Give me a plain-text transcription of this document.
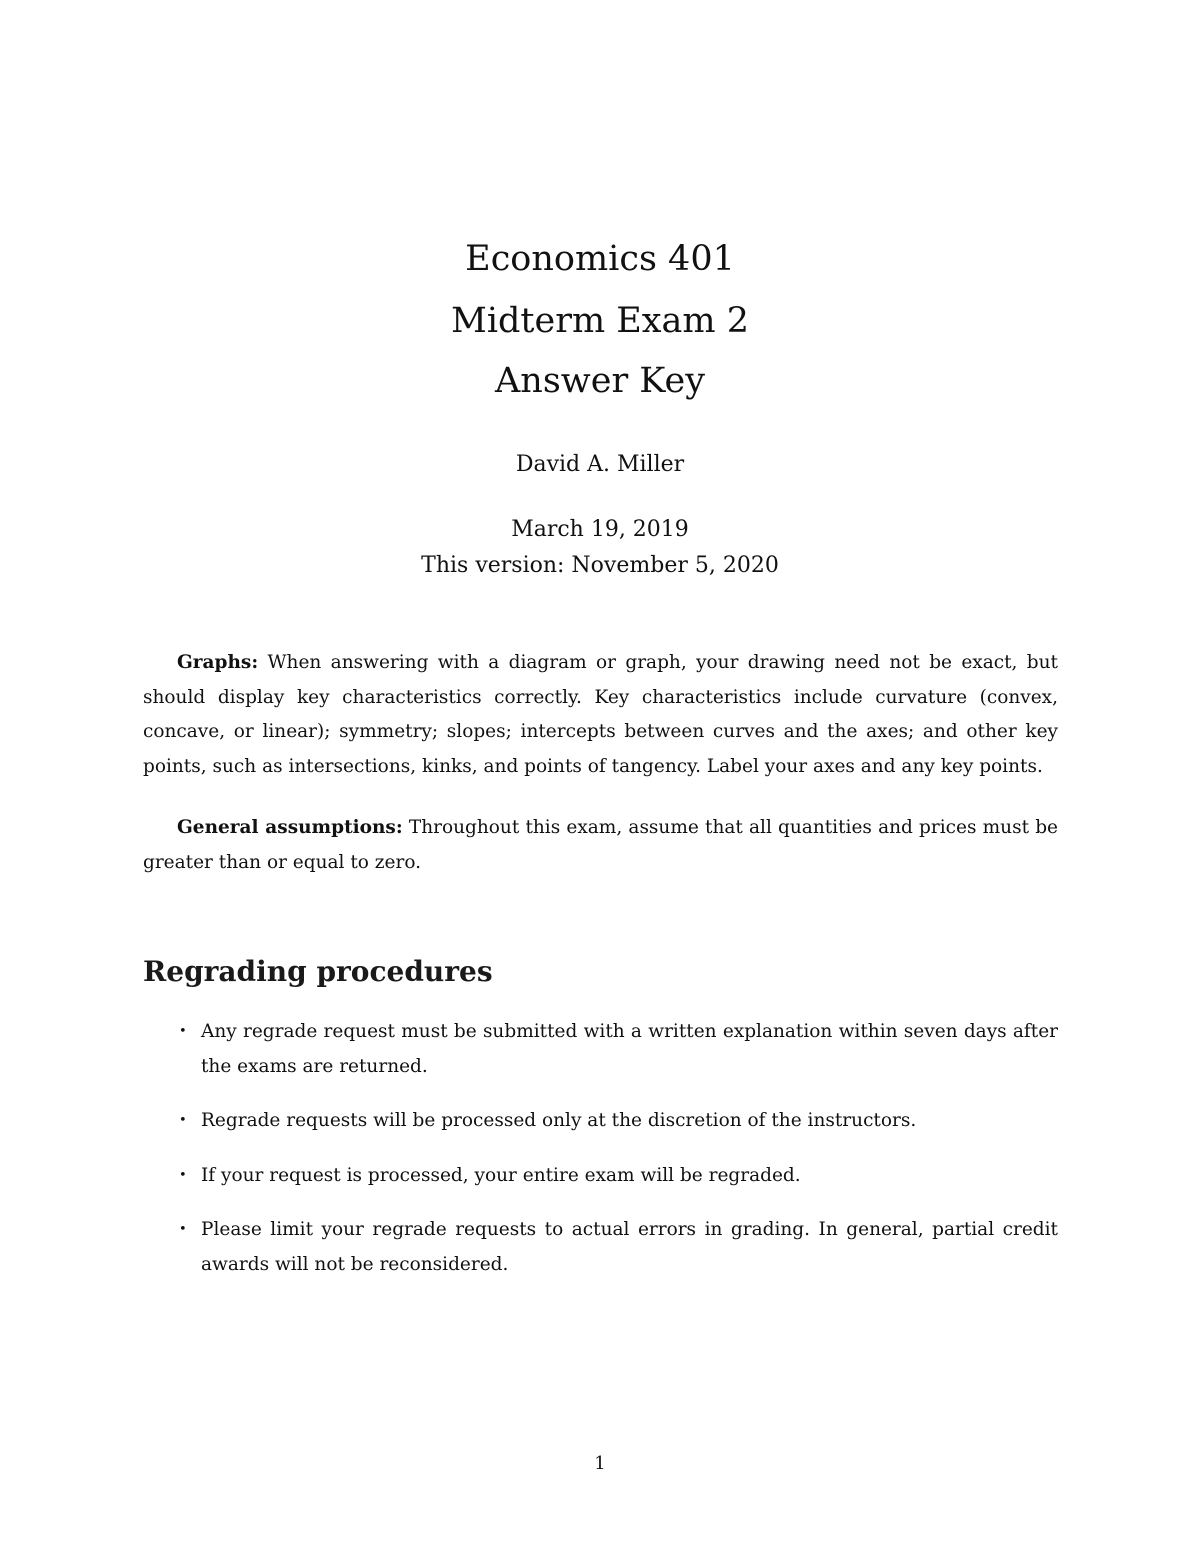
Economics 401
Midterm Exam 2
Answer Key

David A. Miller

March 19, 2019

This version: November 5, 2020

Graphs: When answering with a diagram or graph, your drawing need not be exact, but should display key characteristics correctly. Key characteristics include curvature (convex, concave, or linear); symmetry; slopes; intercepts between curves and the axes; and other key points, such as intersections, kinks, and points of tangency. Label your axes and any key points.

General assumptions: Throughout this exam, assume that all quantities and prices must be greater than or equal to zero.

Regrading procedures
• Any regrade request must be submitted with a written explanation within seven days after the exams are returned.
• Regrade requests will be processed only at the discretion of the instructors.
• If your request is processed, your entire exam will be regraded.
• Please limit your regrade requests to actual errors in grading. In general, partial credit awards will not be reconsidered.

1
